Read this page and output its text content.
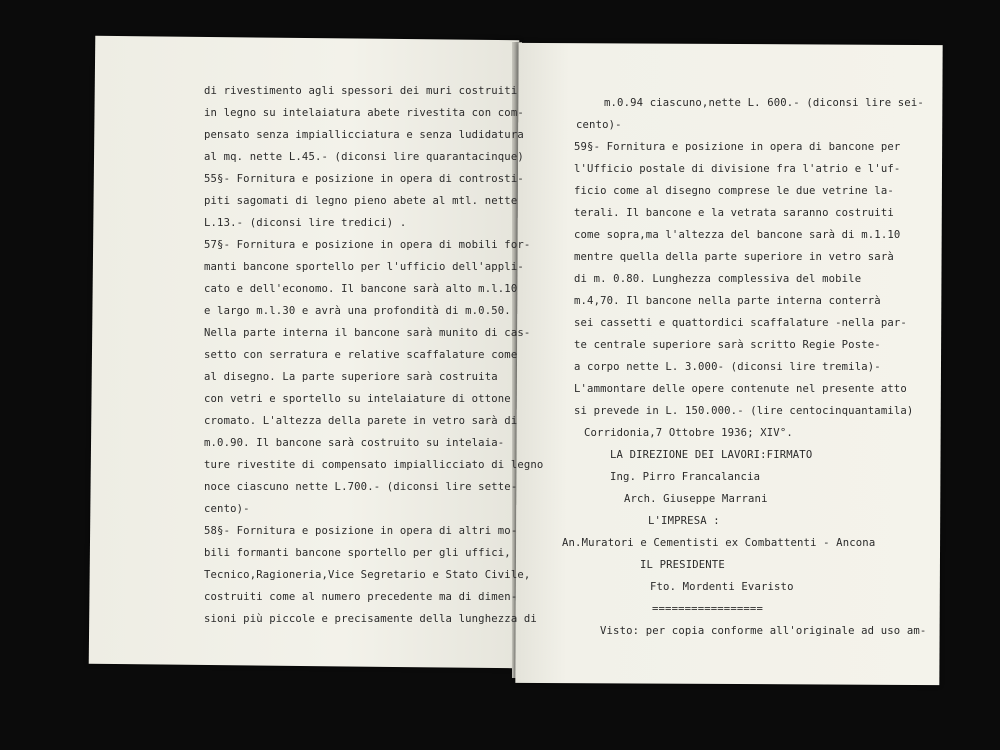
di rivestimento agli spessori dei muri costruiti
in legno su intelaiatura abete rivestita con com-
pensato senza impiallicciatura e senza ludidatura
al mq. nette L.45.- (diconsi lire quarantacinque)
55§- Fornitura e posizione in opera di controsti-
piti sagomati di legno pieno abete al mtl. nette
L.13.- (diconsi lire tredici) .
57§- Fornitura e posizione in opera di mobili for-
manti bancone sportello per l'ufficio dell'appli-
cato e dell'economo. Il bancone sarà alto m.l.10
e largo m.l.30 e avrà una profondità di m.0.50.
Nella parte interna il bancone sarà munito di cas-
setto con serratura e relative scaffalature come
al disegno. La parte superiore sarà costruita
con vetri e sportello su intelaiature di ottone
cromato. L'altezza della parete in vetro sarà di
m.0.90. Il bancone sarà costruito su intelaia-
ture rivestite di compensato impiallicciato di legno
noce ciascuno nette L.700.- (diconsi lire sette-
cento)-
58§- Fornitura e posizione in opera di altri mo-
bili formanti bancone sportello per gli uffici,
Tecnico,Ragioneria,Vice Segretario e Stato Civile,
costruiti come al numero precedente ma di dimen-
sioni più piccole e precisamente della lunghezza di
m.0.94 ciascuno,nette L. 600.- (diconsi lire sei-
cento)-
59§- Fornitura e posizione in opera di bancone per
l'Ufficio postale di divisione fra l'atrio e l'uf-
ficio come al disegno comprese le due vetrine la-
terali. Il bancone e la vetrata saranno costruiti
come sopra,ma l'altezza del bancone sarà di m.1.10
mentre quella della parte superiore in vetro sarà
di m. 0.80. Lunghezza complessiva del mobile
m.4,70. Il bancone nella parte interna conterrà
sei cassetti e quattordici scaffalature -nella par-
te centrale superiore sarà scritto Regie Poste-
a corpo nette L. 3.000- (diconsi lire tremila)-
L'ammontare delle opere contenute nel presente atto
si prevede in L. 150.000.- (lire centocinquantamila)
Corridonia,7 Ottobre 1936; XIV°.
LA DIREZIONE DEI LAVORI:FIRMATO
Ing. Pirro Francalancia
Arch. Giuseppe Marrani
L'IMPRESA :
An.Muratori e Cementisti ex Combattenti - Ancona
IL PRESIDENTE
Fto. Mordenti Evaristo
=================
Visto: per copia conforme all'originale ad uso am-
